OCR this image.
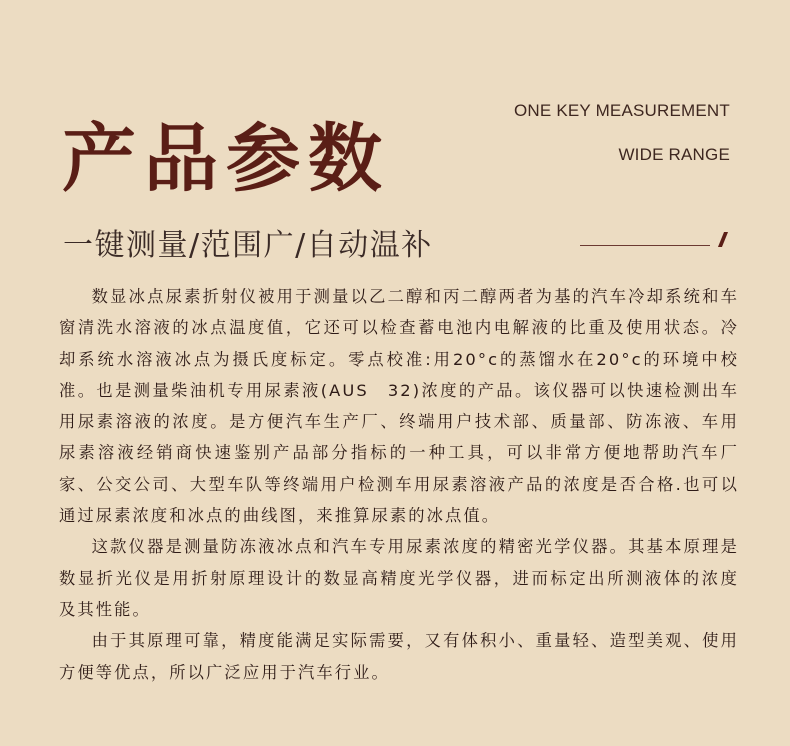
ONE KEY MEASUREMENT
WIDE RANGE
产品参数
一键测量/范围广/自动温补

数显冰点尿素折射仪被用于测量以乙二醇和丙二醇两者为基的汽车冷却系统和车窗清洗水溶液的冰点温度值，它还可以检查蓄电池内电解液的比重及使用状态。冷却系统水溶液冰点为摄氏度标定。零点校准:用20°c的蒸馏水在20°c的环境中校准。也是测量柴油机专用尿素液(AUS　32)浓度的产品。该仪器可以快速检测出车用尿素溶液的浓度。是方便汽车生产厂、终端用户技术部、质量部、防冻液、车用尿素溶液经销商快速鉴别产品部分指标的一种工具，可以非常方便地帮助汽车厂家、公交公司、大型车队等终端用户检测车用尿素溶液产品的浓度是否合格.也可以通过尿素浓度和冰点的曲线图，来推算尿素的冰点值。

这款仪器是测量防冻液冰点和汽车专用尿素浓度的精密光学仪器。其基本原理是数显折光仪是用折射原理设计的数显高精度光学仪器，进而标定出所测液体的浓度及其性能。

由于其原理可靠，精度能满足实际需要，又有体积小、重量轻、造型美观、使用方便等优点，所以广泛应用于汽车行业。
